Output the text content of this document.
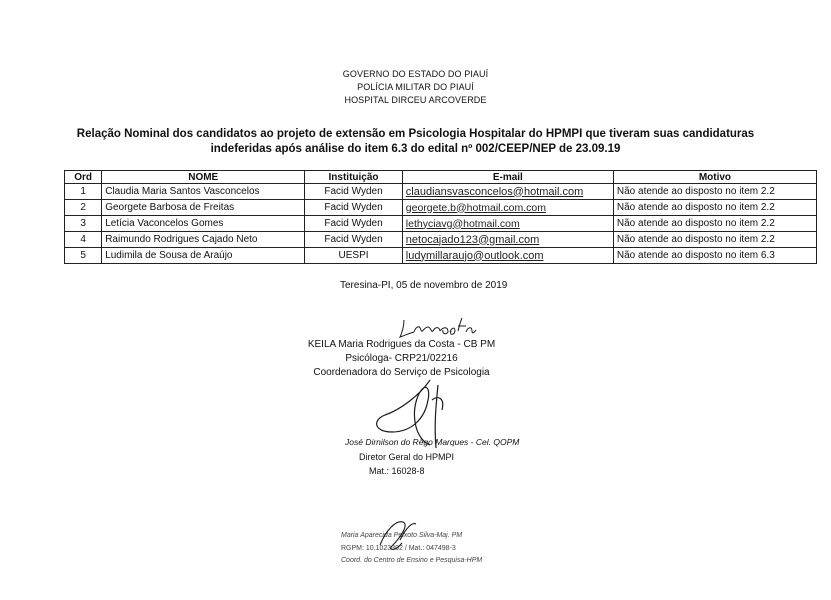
GOVERNO DO ESTADO DO PIAUÍ
POLÍCIA MILITAR DO PIAUÍ
HOSPITAL DIRCEU ARCOVERDE
Relação Nominal dos candidatos ao projeto de extensão em Psicologia Hospitalar do HPMPI que tiveram suas candidaturas
indeferidas após análise do item 6.3 do edital nº 002/CEEP/NEP de 23.09.19
Ord	NOME	Instituição	E-mail	Motivo
1	Claudia Maria Santos Vasconcelos	Facid Wyden	claudiansvasconcelos@hotmail.com	Não atende ao disposto no item 2.2
2	Georgete Barbosa de Freitas	Facid Wyden	georgete.b@hotmail.com.com	Não atende ao disposto no item 2.2
3	Letícia Vaconcelos Gomes	Facid Wyden	lethyciavg@hotmail.com	Não atende ao disposto no item 2.2
4	Raimundo Rodrigues Cajado Neto	Facid Wyden	netocajado123@gmail.com	Não atende ao disposto no item 2.2
5	Ludimila de Sousa de Araújo	UESPI	ludymillaraujo@outlook.com	Não atende ao disposto no item 6.3
Teresina-PI, 05 de novembro de 2019
KEILA Maria Rodrigues da Costa - CB PM
Psicóloga- CRP21/02216
Coordenadora do Serviço de Psicologia
José Dirnilson do Rêgo Marques - Cel. QOPM
Diretor Geral do HPMPI
Mat.: 16028-8
Maria Aparecida Peixoto Silva-Maj. PM
RGPM: 10.1023392 / Mat.: 047498-3
Coord. do Centro de Ensino e Pesquisa-HPM
